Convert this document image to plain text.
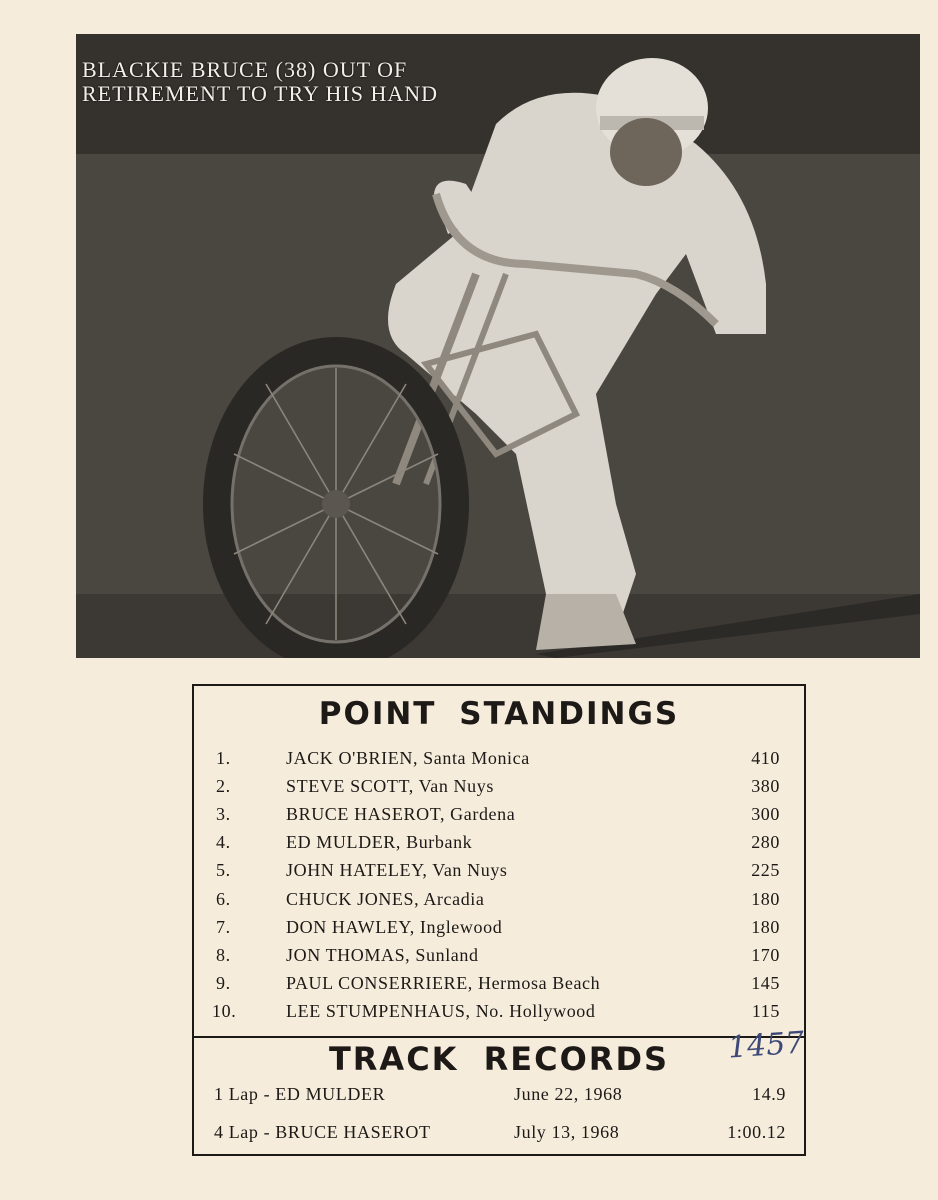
BLACKIE BRUCE (38) OUT OF
RETIREMENT TO TRY HIS HAND
POINT STANDINGS
1.	JACK O'BRIEN, Santa Monica	410
2.	STEVE SCOTT, Van Nuys	380
3.	BRUCE HASEROT, Gardena	300
4.	ED MULDER, Burbank	280
5.	JOHN HATELEY, Van Nuys	225
6.	CHUCK JONES, Arcadia	180
7.	DON HAWLEY, Inglewood	180
8.	JON THOMAS, Sunland	170
9.	PAUL CONSERRIERE, Hermosa Beach	145
10.	LEE STUMPENHAUS, No. Hollywood	115
TRACK RECORDS	1457
1 Lap - ED MULDER	June 22, 1968	14.9
4 Lap - BRUCE HASEROT	July 13, 1968	1:00.12
